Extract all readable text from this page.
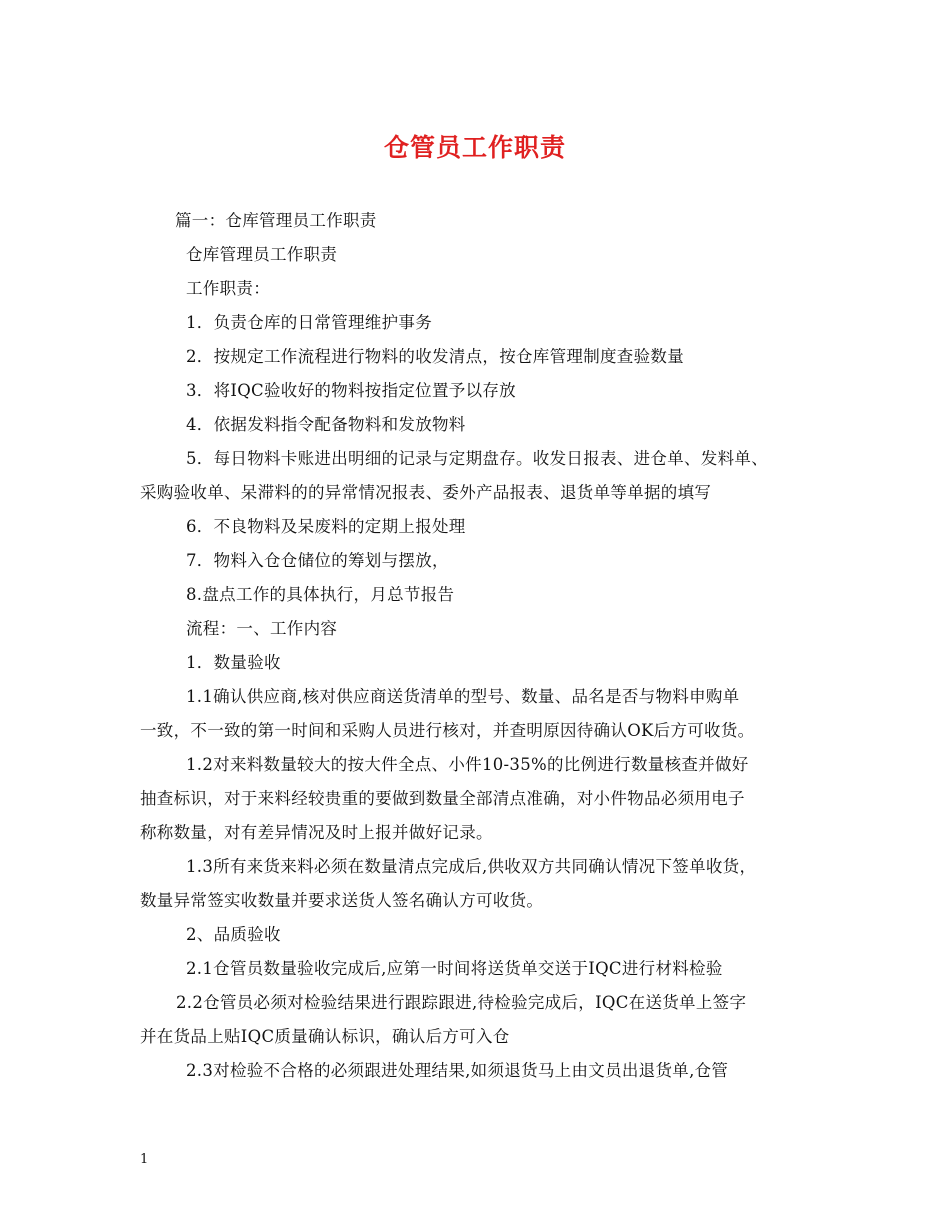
仓管员工作职责

篇一：仓库管理员工作职责

仓库管理员工作职责

工作职责：

1．负责仓库的日常管理维护事务

2．按规定工作流程进行物料的收发清点，按仓库管理制度查验数量

3．将IQC验收好的物料按指定位置予以存放

4．依据发料指令配备物料和发放物料

5．每日物料卡账进出明细的记录与定期盘存。收发日报表、进仓单、发料单、

采购验收单、呆滞料的的异常情况报表、委外产品报表、退货单等单据的填写

6．不良物料及呆废料的定期上报处理

7．物料入仓仓储位的筹划与摆放，

8.盘点工作的具体执行，月总节报告

流程：一、工作内容

1．数量验收

1.1确认供应商,核对供应商送货清单的型号、数量、品名是否与物料申购单

一致，不一致的第一时间和采购人员进行核对，并查明原因待确认OK后方可收货。

1.2对来料数量较大的按大件全点、小件10-35%的比例进行数量核查并做好

抽查标识，对于来料经较贵重的要做到数量全部清点准确，对小件物品必须用电子

称称数量，对有差异情况及时上报并做好记录。

1.3所有来货来料必须在数量清点完成后,供收双方共同确认情况下签单收货，

数量异常签实收数量并要求送货人签名确认方可收货。

2、品质验收

2.1仓管员数量验收完成后,应第一时间将送货单交送于IQC进行材料检验

2.2仓管员必须对检验结果进行跟踪跟进,待检验完成后，IQC在送货单上签字

并在货品上贴IQC质量确认标识，确认后方可入仓

2.3对检验不合格的必须跟进处理结果,如须退货马上由文员出退货单,仓管

1
